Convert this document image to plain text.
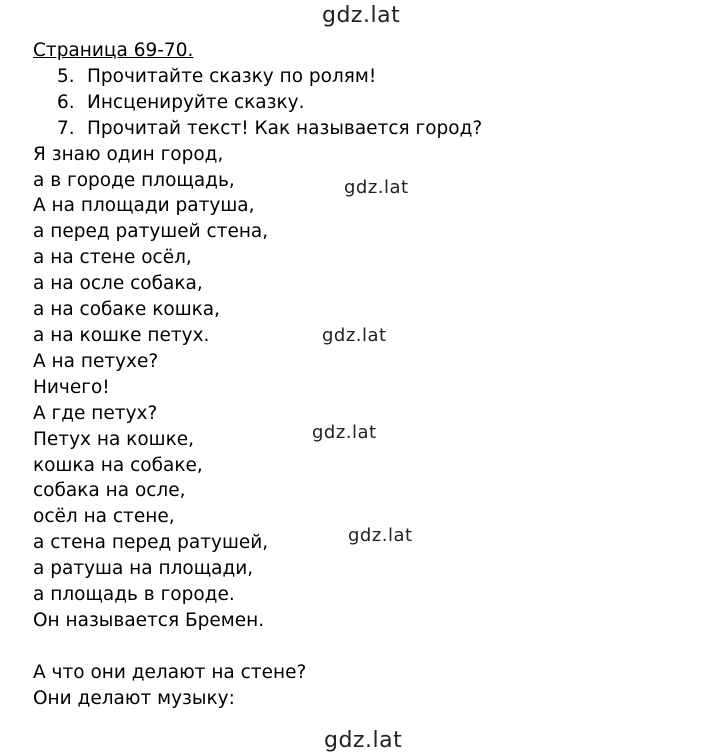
gdz.lat
gdz.lat
gdz.lat
gdz.lat
gdz.lat
gdz.lat
Страница 69-70.
5. Прочитайте сказку по ролям!
6. Инсценируйте сказку.
7. Прочитай текст! Как называется город?
Я знаю один город,
а в городе площадь,
А на площади ратуша,
а перед ратушей стена,
а на стене осёл,
а на осле собака,
а на собаке кошка,
а на кошке петух.
А на петухе?
Ничего!
А где петух?
Петух на кошке,
кошка на собаке,
собака на осле,
осёл на стене,
а стена перед ратушей,
а ратуша на площади,
а площадь в городе.
Он называется Бремен.
А что они делают на стене?
Они делают музыку:
